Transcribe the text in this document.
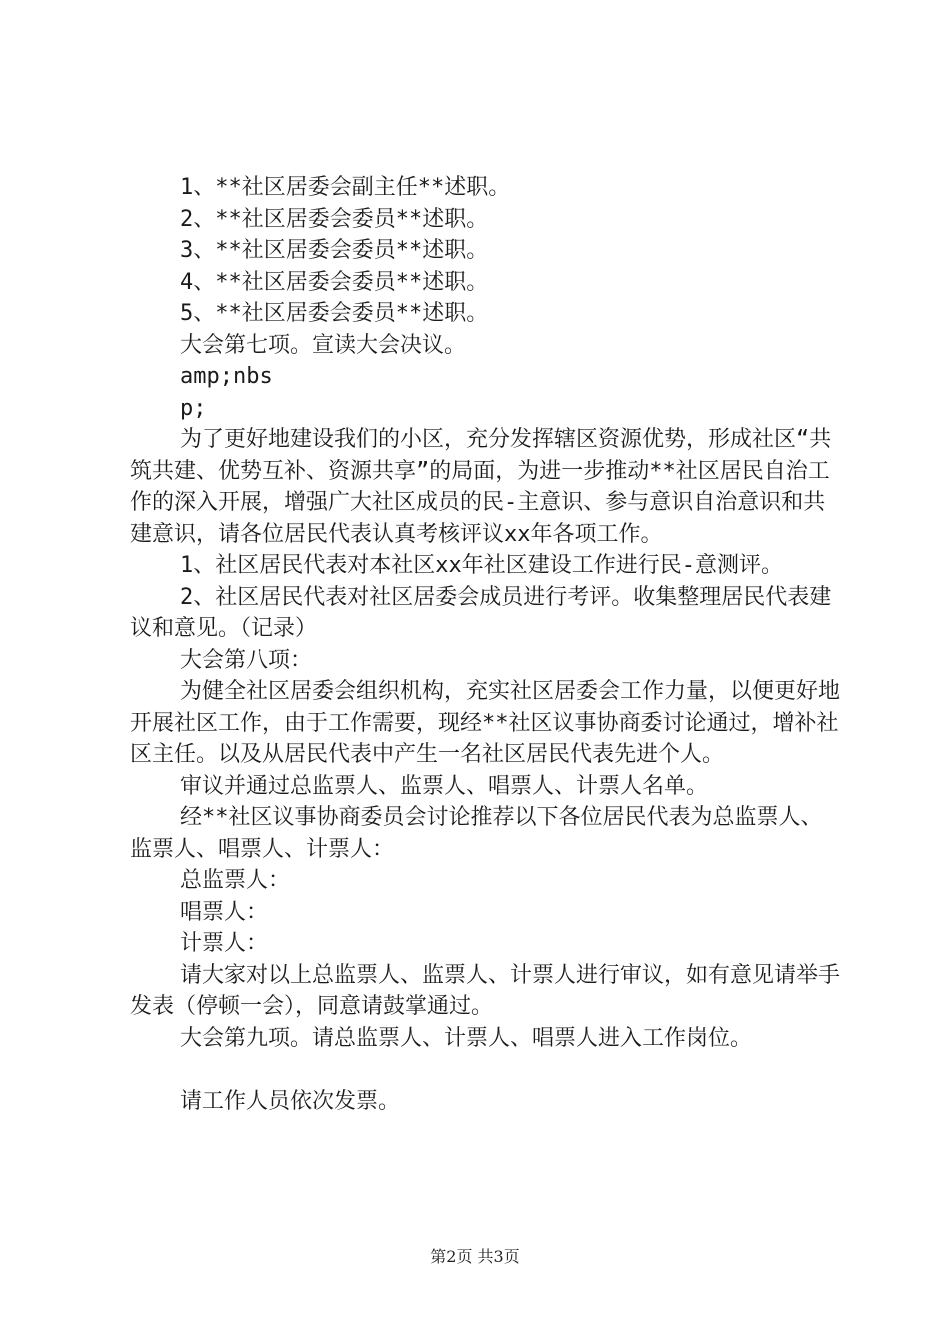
1、**社区居委会副主任**述职。

2、**社区居委会委员**述职。

3、**社区居委会委员**述职。

4、**社区居委会委员**述职。

5、**社区居委会委员**述职。

大会第七项。宣读大会决议。

amp;nbs

p;

为了更好地建设我们的小区，充分发挥辖区资源优势，形成社区“共筑共建、优势互补、资源共享”的局面，为进一步推动**社区居民自治工作的深入开展，增强广大社区成员的民-主意识、参与意识自治意识和共建意识，请各位居民代表认真考核评议xx年各项工作。

1、社区居民代表对本社区xx年社区建设工作进行民-意测评。

2、社区居民代表对社区居委会成员进行考评。收集整理居民代表建议和意见。（记录）

大会第八项：

为健全社区居委会组织机构，充实社区居委会工作力量，以便更好地开展社区工作，由于工作需要，现经**社区议事协商委讨论通过，增补社区主任。以及从居民代表中产生一名社区居民代表先进个人。

审议并通过总监票人、监票人、唱票人、计票人名单。

经**社区议事协商委员会讨论推荐以下各位居民代表为总监票人、监票人、唱票人、计票人：

总监票人：

唱票人：

计票人：

请大家对以上总监票人、监票人、计票人进行审议，如有意见请举手发表（停顿一会），同意请鼓掌通过。

大会第九项。请总监票人、计票人、唱票人进入工作岗位。

请工作人员依次发票。

第2页 共3页
